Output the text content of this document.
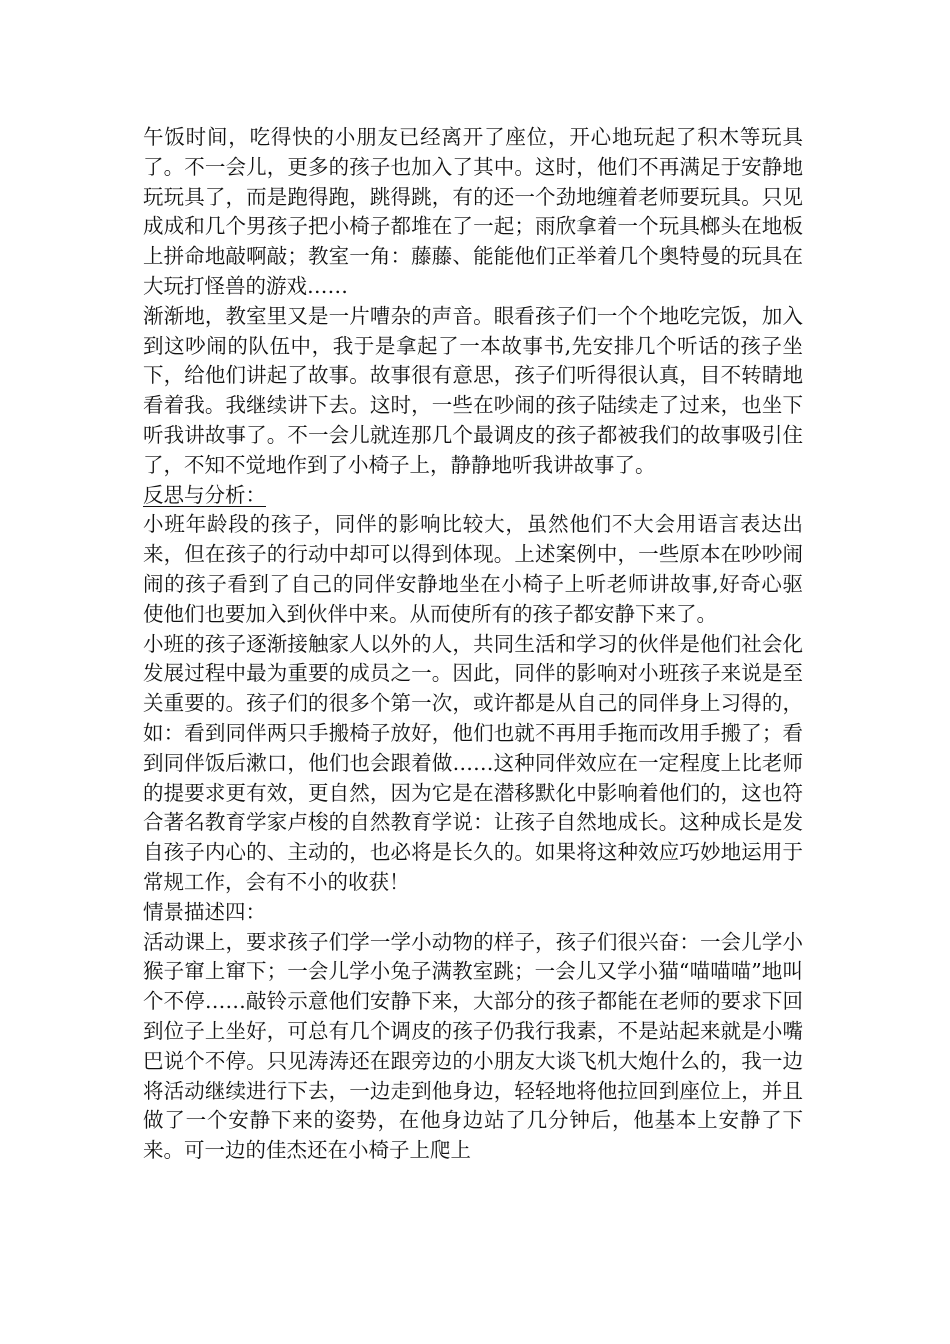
午饭时间，吃得快的小朋友已经离开了座位，开心地玩起了积木等玩具了。不一会儿，更多的孩子也加入了其中。这时，他们不再满足于安静地玩玩具了，而是跑得跑，跳得跳，有的还一个劲地缠着老师要玩具。只见成成和几个男孩子把小椅子都堆在了一起；雨欣拿着一个玩具榔头在地板上拼命地敲啊敲；教室一角：藤藤、能能他们正举着几个奥特曼的玩具在大玩打怪兽的游戏……

渐渐地，教室里又是一片嘈杂的声音。眼看孩子们一个个地吃完饭，加入到这吵闹的队伍中，我于是拿起了一本故事书,先安排几个听话的孩子坐下，给他们讲起了故事。故事很有意思，孩子们听得很认真，目不转睛地看着我。我继续讲下去。这时，一些在吵闹的孩子陆续走了过来，也坐下听我讲故事了。不一会儿就连那几个最调皮的孩子都被我们的故事吸引住了，不知不觉地作到了小椅子上，静静地听我讲故事了。

反思与分析：

小班年龄段的孩子，同伴的影响比较大，虽然他们不大会用语言表达出来，但在孩子的行动中却可以得到体现。上述案例中，一些原本在吵吵闹闹的孩子看到了自己的同伴安静地坐在小椅子上听老师讲故事,好奇心驱使他们也要加入到伙伴中来。从而使所有的孩子都安静下来了。

小班的孩子逐渐接触家人以外的人，共同生活和学习的伙伴是他们社会化发展过程中最为重要的成员之一。因此，同伴的影响对小班孩子来说是至关重要的。孩子们的很多个第一次，或许都是从自己的同伴身上习得的，如：看到同伴两只手搬椅子放好，他们也就不再用手拖而改用手搬了；看到同伴饭后漱口，他们也会跟着做……这种同伴效应在一定程度上比老师的提要求更有效，更自然，因为它是在潜移默化中影响着他们的，这也符合著名教育学家卢梭的自然教育学说：让孩子自然地成长。这种成长是发自孩子内心的、主动的，也必将是长久的。如果将这种效应巧妙地运用于常规工作，会有不小的收获！

情景描述四：

活动课上，要求孩子们学一学小动物的样子，孩子们很兴奋：一会儿学小猴子窜上窜下；一会儿学小兔子满教室跳；一会儿又学小猫“喵喵喵”地叫个不停……敲铃示意他们安静下来，大部分的孩子都能在老师的要求下回到位子上坐好，可总有几个调皮的孩子仍我行我素，不是站起来就是小嘴巴说个不停。只见涛涛还在跟旁边的小朋友大谈飞机大炮什么的，我一边将活动继续进行下去，一边走到他身边，轻轻地将他拉回到座位上，并且做了一个安静下来的姿势，在他身边站了几分钟后，他基本上安静了下来。可一边的佳杰还在小椅子上爬上
